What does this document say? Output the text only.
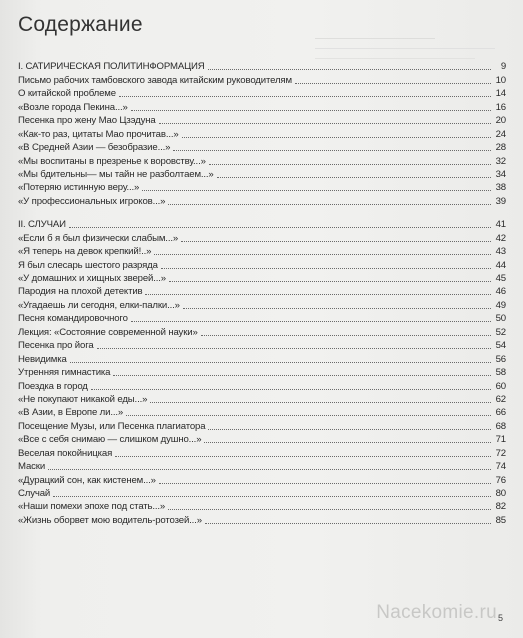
Содержание
I. САТИРИЧЕСКАЯ ПОЛИТИНФОРМАЦИЯ	9
Письмо рабочих тамбовского завода китайским руководителям	10
О китайской проблеме	14
«Возле города Пекина...»	16
Песенка про жену Мао Цзэдуна	20
«Как-то раз, цитаты Мао прочитав...»	24
«В Средней Азии — безобразие...»	28
«Мы воспитаны в презренье к воровству...»	32
«Мы бдительны— мы тайн не разболтаем...»	34
«Потеряю истинную веру...»	38
«У профессиональных игроков...»	39
II. СЛУЧАИ	41
«Если б я был физически слабым...»	42
«Я теперь на девок крепкий!..»	43
Я был слесарь шестого разряда	44
«У домашних и хищных зверей...»	45
Пародия на плохой детектив	46
«Угадаешь ли сегодня, елки-палки...»	49
Песня командировочного	50
Лекция: «Состояние современной науки»	52
Песенка про йога	54
Невидимка	56
Утренняя гимнастика	58
Поездка в город	60
«Не покупают никакой еды...»	62
«В Азии, в Европе ли...»	66
Посещение Музы, или Песенка плагиатора	68
«Все с себя снимаю — слишком душно...»	71
Веселая покойницкая	72
Маски	74
«Дурацкий сон, как кистенем...»	76
Случай	80
«Наши помехи эпохе под стать...»	82
«Жизнь оборвет мою водитель-ротозей...»	85
Nacekomie.ru 5
